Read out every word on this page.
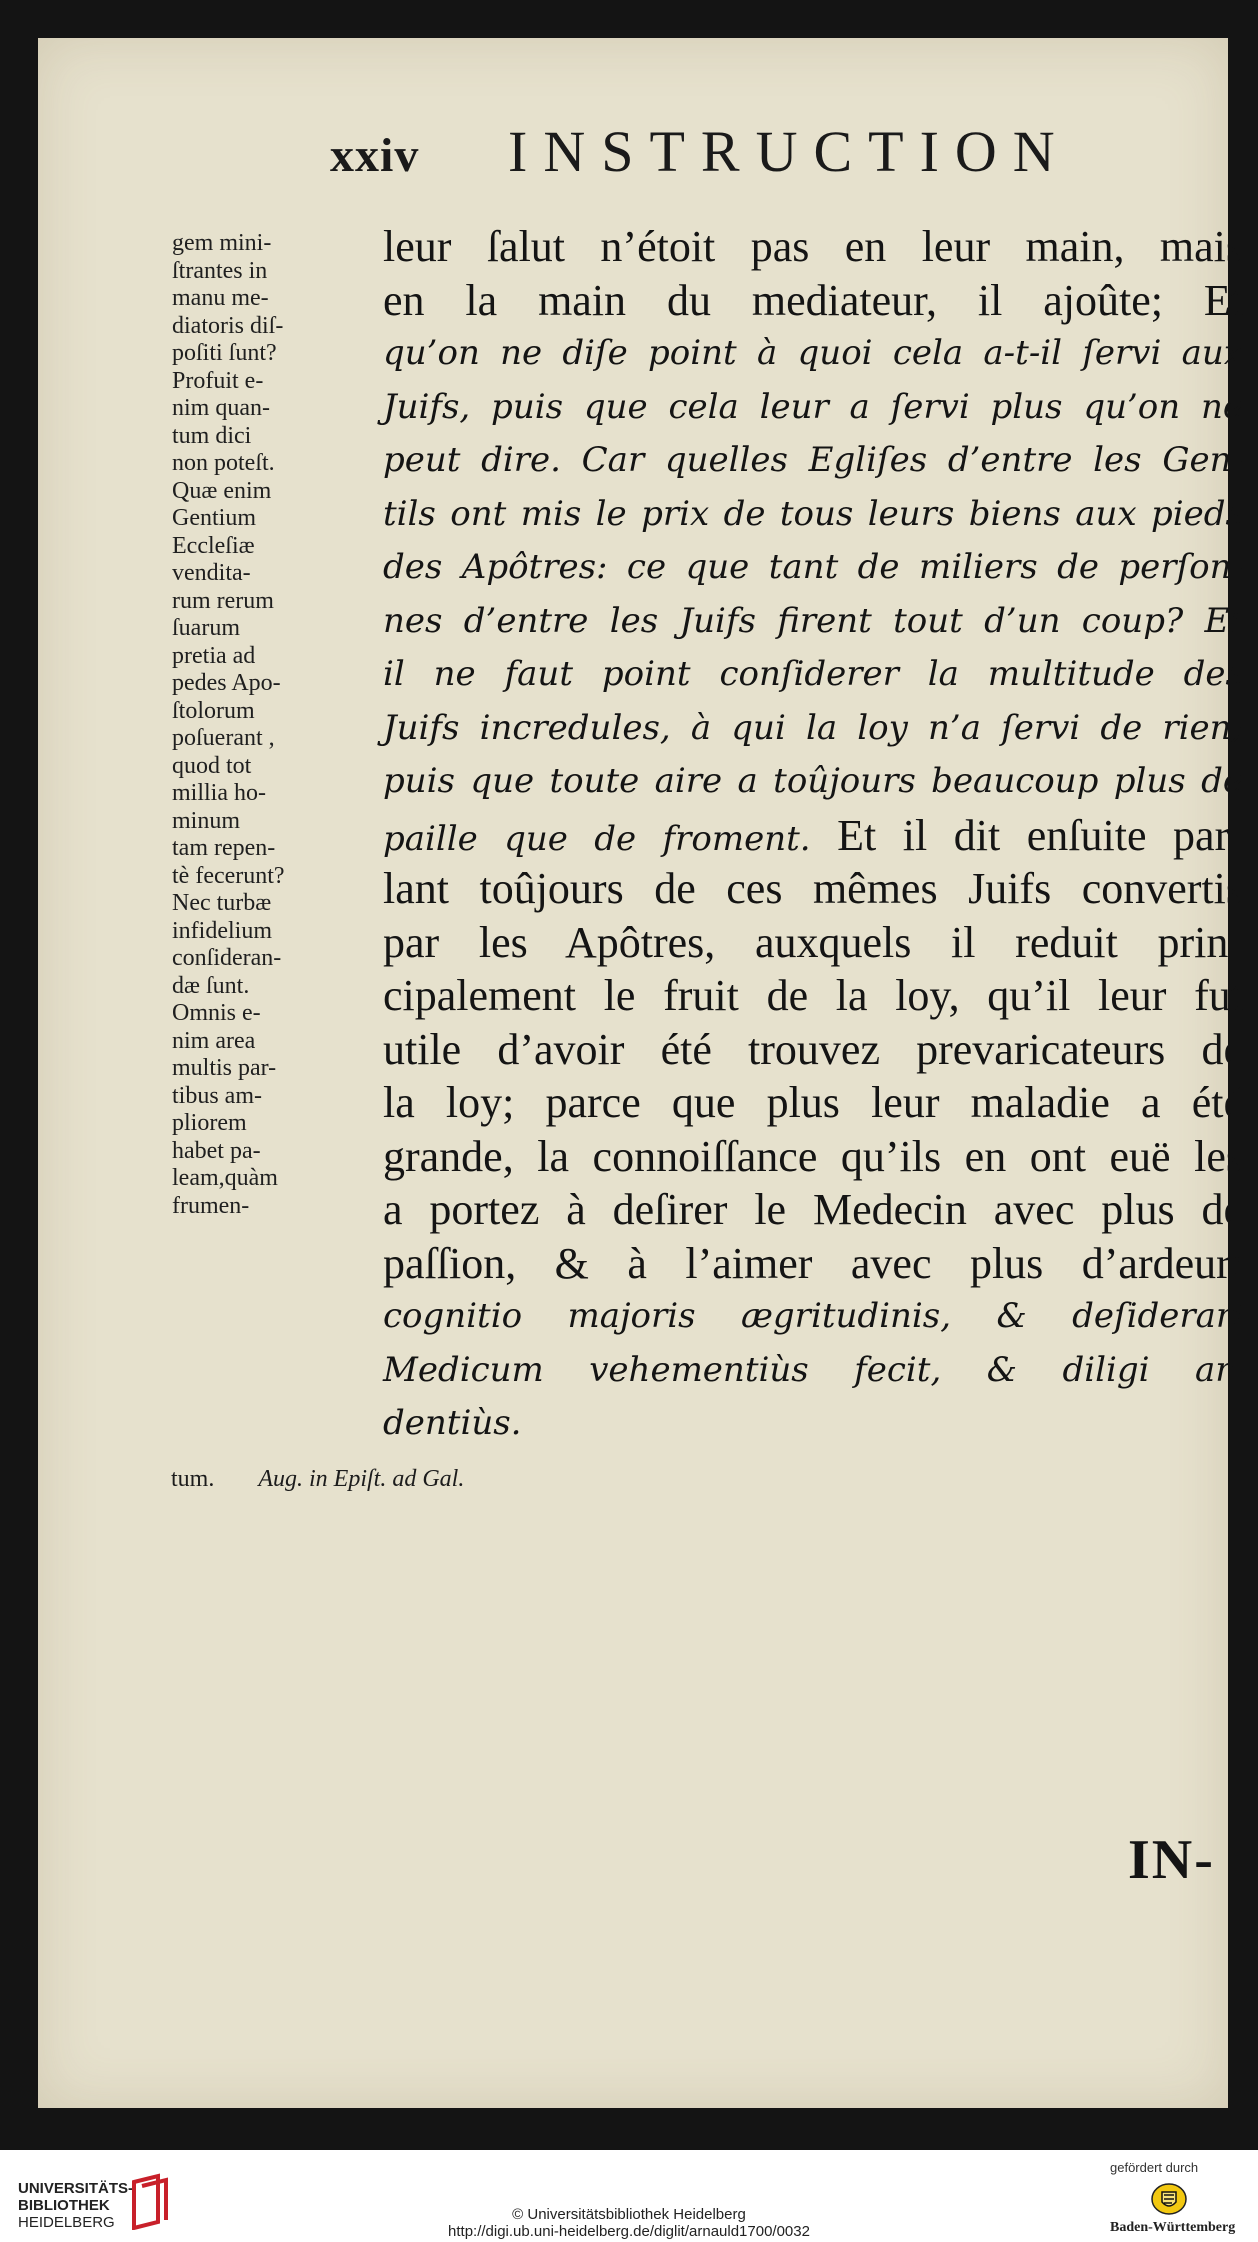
xxiv INSTRUCTION
gem mini-
ſtrantes in
manu me-
diatoris diſ-
poſiti ſunt?
Profuit e-
nim quan-
tum dici
non poteſt.
Quæ enim
Gentium
Eccleſiæ
vendita-
rum rerum
ſuarum
pretia ad
pedes Apo-
ſtolorum
poſuerant ,
quod tot
millia ho-
minum
tam repen-
tè fecerunt?
Nec turbæ
infidelium
conſideran-
dæ ſunt.
Omnis e-
nim area
multis par-
tibus am-
pliorem
habet pa-
leam,quàm
frumen-
leur ſalut n’étoit pas en leur main, mais
en la main du mediateur, il ajoûte; Et
qu’on ne diſe point à quoi cela a-t-il ſervi aux
Juifs, puis que cela leur a ſervi plus qu’on ne
peut dire. Car quelles Egliſes d’entre les Gen-
tils ont mis le prix de tous leurs biens aux pieds
des Apôtres: ce que tant de miliers de perſon-
nes d’entre les Juifs firent tout d’un coup? Et
il ne faut point conſiderer la multitude des
Juifs incredules, à qui la loy n’a ſervi de rien;
puis que toute aire a toûjours beaucoup plus de
paille que de froment. Et il dit enſuite par-
lant toûjours de ces mêmes Juifs convertis
par les Apôtres, auxquels il reduit prin-
cipalement le fruit de la loy, qu’il leur fut
utile d’avoir été trouvez prevaricateurs de
la loy; parce que plus leur maladie a été
grande, la connoiſſance qu’ils en ont euë les
a portez à deſirer le Medecin avec plus de
paſſion, & à l’aimer avec plus d’ardeur:
cognitio majoris ægritudinis, & deſiderari
Medicum vehementiùs fecit, & diligi ar-
dentiùs.
tum. Aug. in Epiſt. ad Gal.
IN-
UNIVERSITÄTS-
BIBLIOTHEK
HEIDELBERG	© Universitätsbibliothek Heidelberg
http://digi.ub.uni-heidelberg.de/diglit/arnauld1700/0032
gefördert durch
Baden-Württemberg
